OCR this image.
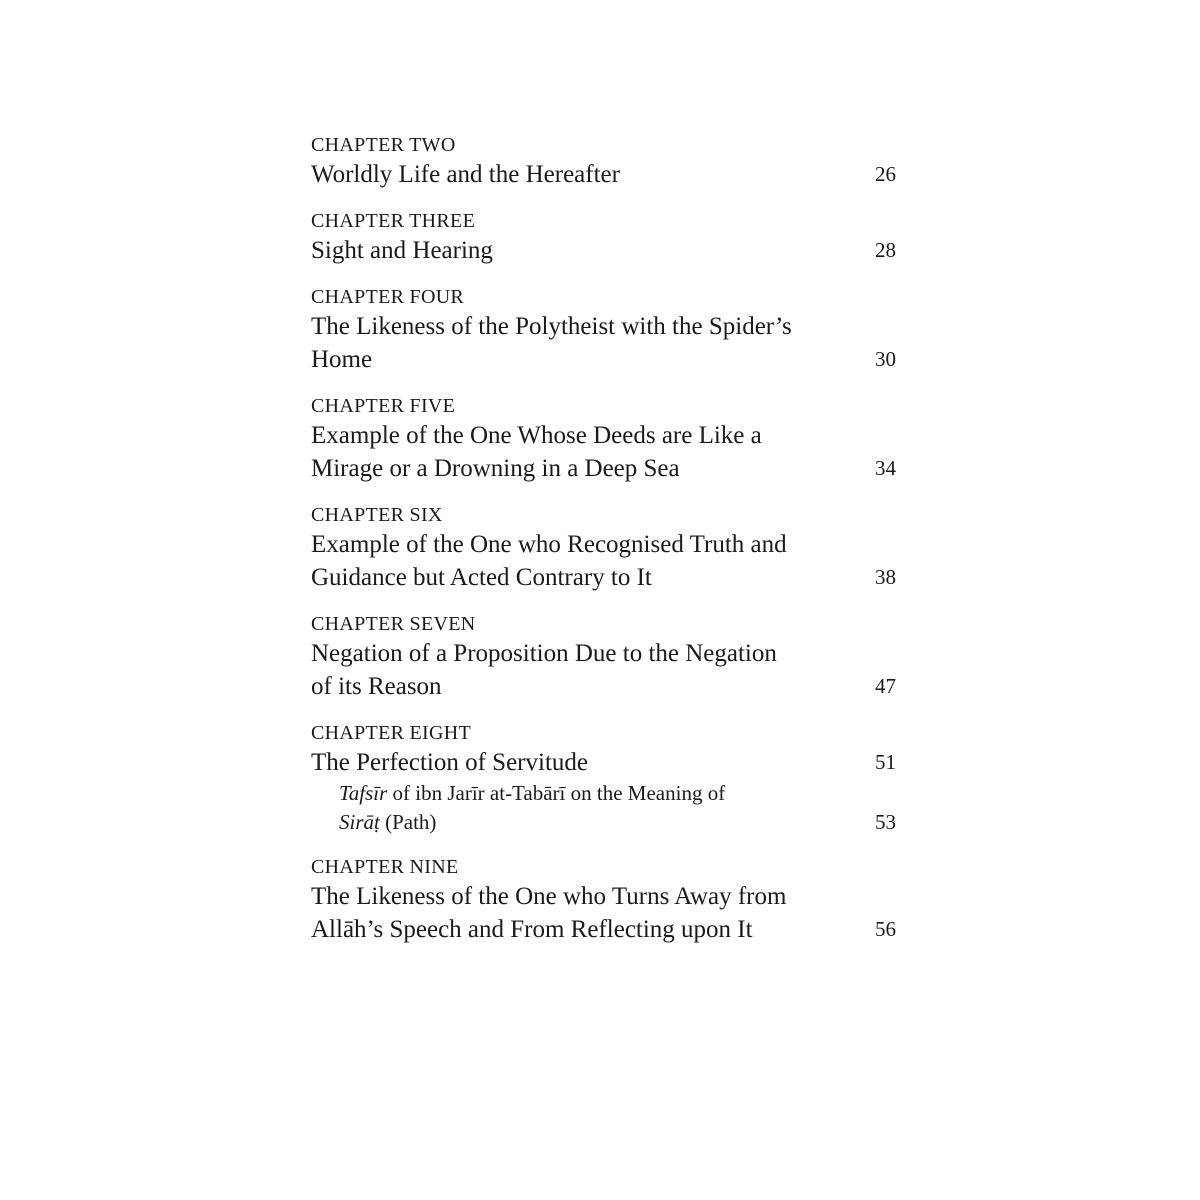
CHAPTER TWO
Worldly Life and the Hereafter	26
CHAPTER THREE
Sight and Hearing	28
CHAPTER FOUR
The Likeness of the Polytheist with the Spider’s
Home	30
CHAPTER FIVE
Example of the One Whose Deeds are Like a
Mirage or a Drowning in a Deep Sea	34
CHAPTER SIX
Example of the One who Recognised Truth and
Guidance but Acted Contrary to It	38
CHAPTER SEVEN
Negation of a Proposition Due to the Negation
of its Reason	47
CHAPTER EIGHT
The Perfection of Servitude	51
Tafsīr of ibn Jarīr at-Tabārī on the Meaning of
Sirāṭ (Path)	53
CHAPTER NINE
The Likeness of the One who Turns Away from
Allāh’s Speech and From Reflecting upon It	56
